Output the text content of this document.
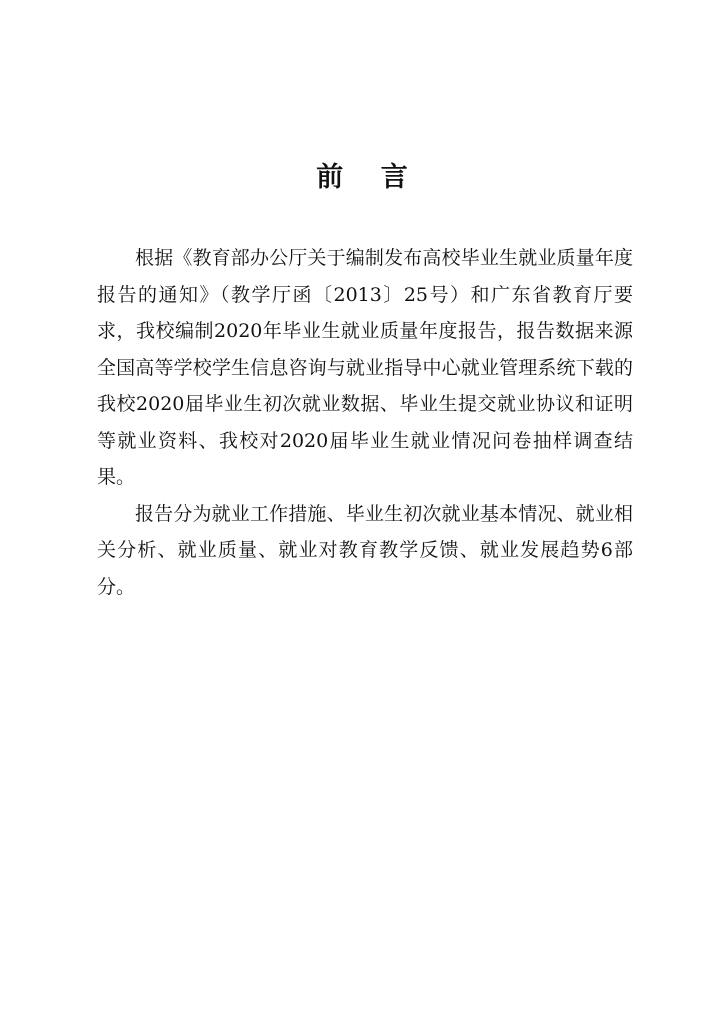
前 言

根据《教育部办公厅关于编制发布高校毕业生就业质量年度报告的通知》（教学厅函〔2013〕25号）和广东省教育厅要求，我校编制2020年毕业生就业质量年度报告，报告数据来源全国高等学校学生信息咨询与就业指导中心就业管理系统下载的我校2020届毕业生初次就业数据、毕业生提交就业协议和证明等就业资料、我校对2020届毕业生就业情况问卷抽样调查结果。

报告分为就业工作措施、毕业生初次就业基本情况、就业相关分析、就业质量、就业对教育教学反馈、就业发展趋势6部分。
